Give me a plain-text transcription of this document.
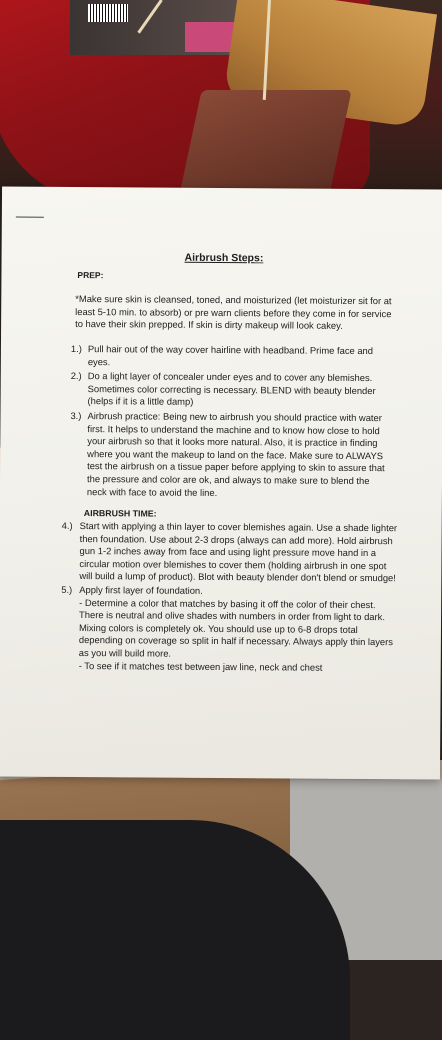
Airbrush Steps:
PREP:
*Make sure skin is cleansed, toned, and moisturized (let moisturizer sit for at least 5-10 min. to absorb) or pre warn clients before they come in for service to have their skin prepped. If skin is dirty makeup will look cakey.
1.) Pull hair out of the way cover hairline with headband. Prime face and eyes.
2.) Do a light layer of concealer under eyes and to cover any blemishes. Sometimes color correcting is necessary. BLEND with beauty blender (helps if it is a little damp)
3.) Airbrush practice: Being new to airbrush you should practice with water first. It helps to understand the machine and to know how close to hold your airbrush so that it looks more natural. Also, it is practice in finding where you want the makeup to land on the face. Make sure to ALWAYS test the airbrush on a tissue paper before applying to skin to assure that the pressure and color are ok, and always to make sure to blend the neck with face to avoid the line.
AIRBRUSH TIME:
4.) Start with applying a thin layer to cover blemishes again. Use a shade lighter then foundation. Use about 2-3 drops (always can add more). Hold airbrush gun 1-2 inches away from face and using light pressure move hand in a circular motion over blemishes to cover them (holding airbrush in one spot will build a lump of product). Blot with beauty blender don't blend or smudge!
5.) Apply first layer of foundation.
- Determine a color that matches by basing it off the color of their chest. There is neutral and olive shades with numbers in order from light to dark. Mixing colors is completely ok. You should use up to 6-8 drops total depending on coverage so split in half if necessary. Always apply thin layers as you will build more.
- To see if it matches test between jaw line, neck and chest
